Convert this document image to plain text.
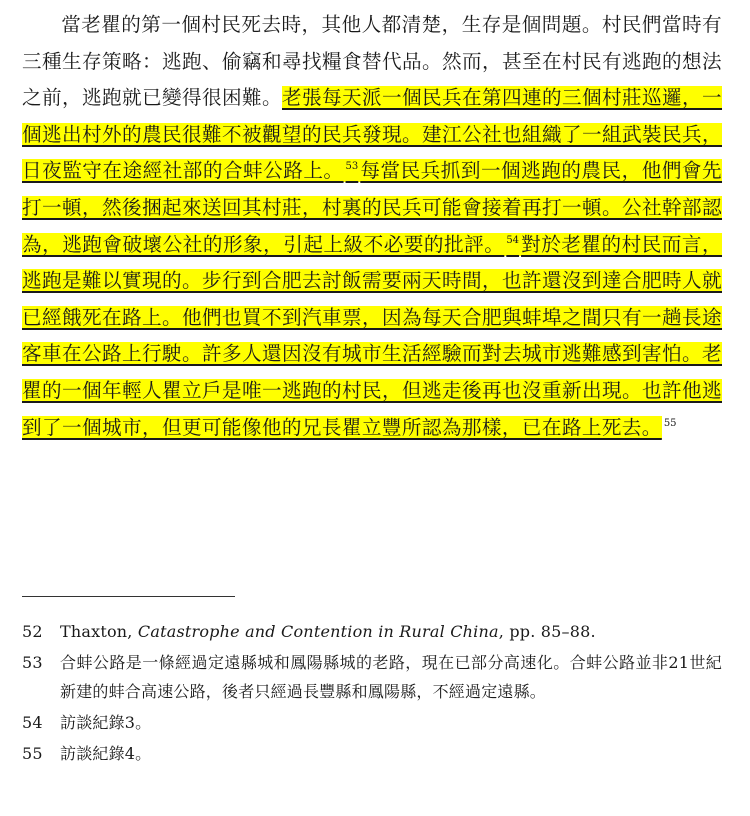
當老瞿的第一個村民死去時，其他人都清楚，生存是個問題。村民們當時有三種生存策略：逃跑、偷竊和尋找糧食替代品。然而，甚至在村民有逃跑的想法之前，逃跑就已變得很困難。老張每天派一個民兵在第四連的三個村莊巡邏，一個逃出村外的農民很難不被觀望的民兵發現。建江公社也組織了一組武裝民兵，日夜監守在途經社部的合蚌公路上。 $^{53}$ 每當民兵抓到一個逃跑的農民，他們會先打一頓，然後捆起來送回其村莊，村裏的民兵可能會接着再打一頓。公社幹部認為，逃跑會破壞公社的形象，引起上級不必要的批評。 $^{54}$ 對於老瞿的村民而言，逃跑是難以實現的。步行到合肥去討飯需要兩天時間，也許還沒到達合肥時人就已經餓死在路上。他們也買不到汽車票，因為每天合肥與蚌埠之間只有一趟長途客車在公路上行駛。許多人還因沒有城市生活經驗而對去城市逃難感到害怕。老瞿的一個年輕人瞿立戶是唯一逃跑的村民，但逃走後再也沒重新出現。也許他逃到了一個城市，但更可能像他的兄長瞿立豐所認為那樣，已在路上死去。 $^{55}$

52	Thaxton, Catastrophe and Contention in Rural China, pp. 85–88.

53	合蚌公路是一條經過定遠縣城和鳳陽縣城的老路，現在已部分高速化。合蚌公路並非21世紀新建的蚌合高速公路，後者只經過長豐縣和鳳陽縣，不經過定遠縣。

54	訪談紀錄3。

55	訪談紀錄4。
